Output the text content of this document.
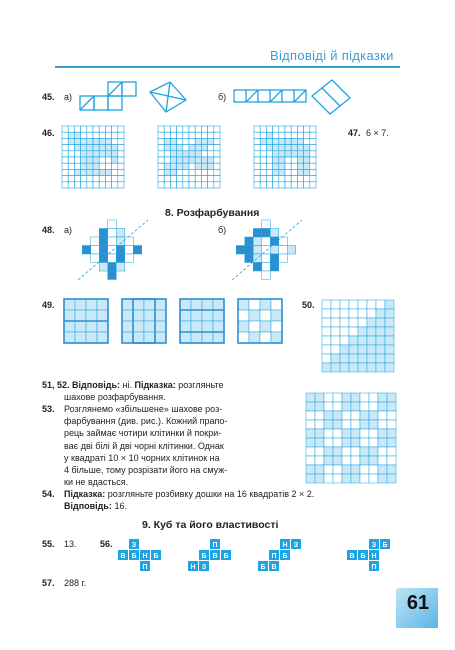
Відповіді й підказки
45. а)	б)
46.	47. 6 × 7.
8. Розфарбування
48. а)	б)
49.	50.
51, 52. Відповідь: ні. Підказка: розгляньте
шахове розфарбування.
53. Розглянемо «збільшене» шахове роз-
фарбування (див. рис.). Кожний прапо-
рець займає чотири клітинки й покри-
ває дві білі й дві чорні клітинки. Однак
у квадраті 10 × 10 чорних клітинок на
4 більше, тому розрізати його на смуж-
ки не вдасться.
54. Підказка: розгляньте розбивку дошки на 16 квадратів 2 × 2.
Відповідь: 16.
9. Куб та його властивості
55. 13.	56.	З
В Б Н Б
П
П
Б В Б
Н З
Н З
П Б
Б В
З Б
В Б Н
П
57. 288 г.
61
